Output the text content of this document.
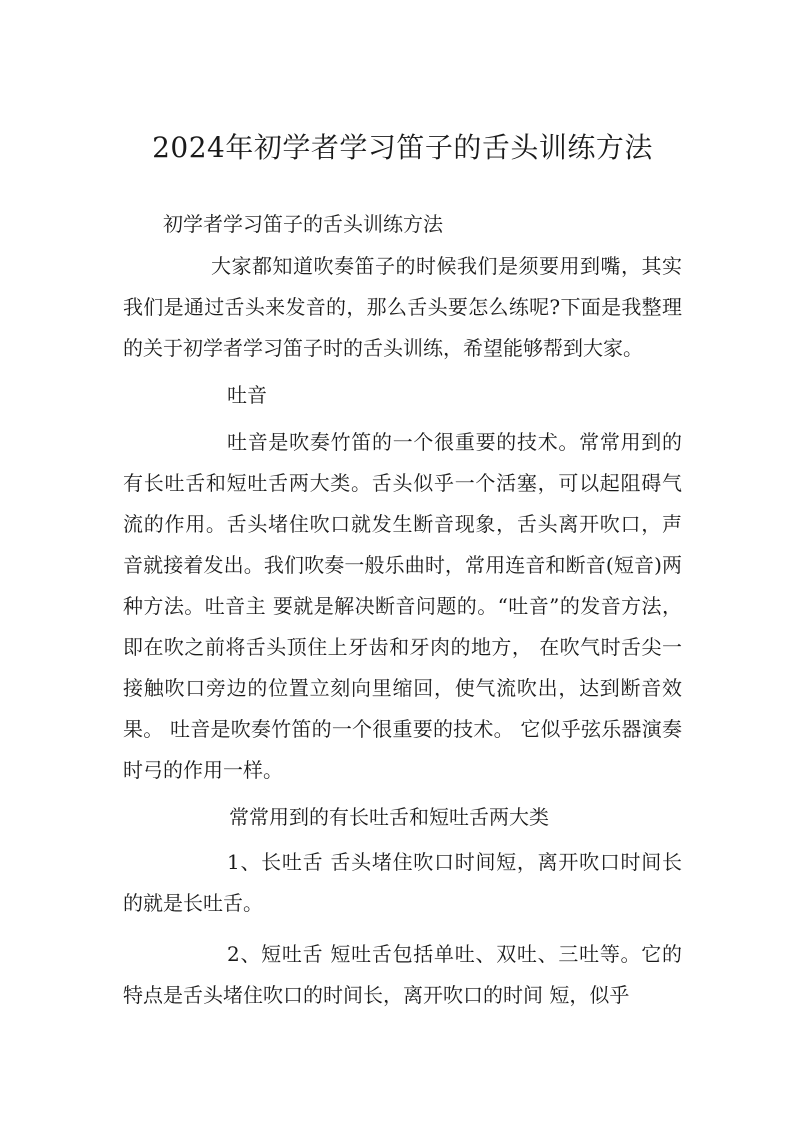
2024年初学者学习笛子的舌头训练方法
初学者学习笛子的舌头训练方法

大家都知道吹奏笛子的时候我们是须要用到嘴，其实我们是通过舌头来发音的，那么舌头要怎么练呢?下面是我整理的关于初学者学习笛子时的舌头训练，希望能够帮到大家。

吐音

吐音是吹奏竹笛的一个很重要的技术。常常用到的有长吐舌和短吐舌两大类。舌头似乎一个活塞，可以起阻碍气流的作用。舌头堵住吹口就发生断音现象，舌头离开吹口，声音就接着发出。我们吹奏一般乐曲时，常用连音和断音(短音)两种方法。吐音主 要就是解决断音问题的。“吐音”的发音方法，即在吹之前将舌头顶住上牙齿和牙肉的地方， 在吹气时舌尖一接触吹口旁边的位置立刻向里缩回，使气流吹出，达到断音效果。 吐音是吹奏竹笛的一个很重要的技术。 它似乎弦乐器演奏时弓的作用一样。

常常用到的有长吐舌和短吐舌两大类

1、长吐舌 舌头堵住吹口时间短，离开吹口时间长的就是长吐舌。

2、短吐舌 短吐舌包括单吐、双吐、三吐等。它的特点是舌头堵住吹口的时间长，离开吹口的时间 短，似乎
